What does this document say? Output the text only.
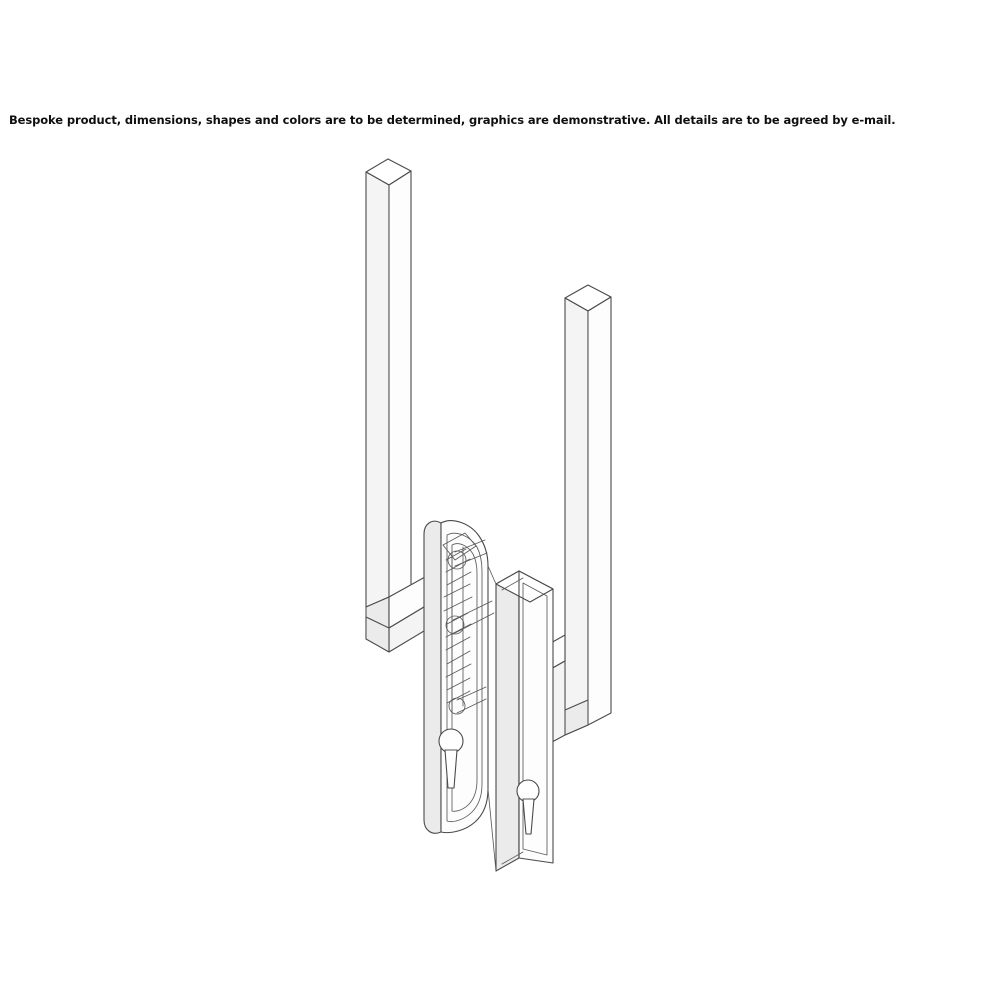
Bespoke product, dimensions, shapes and colors are to be determined, graphics are demonstrative. All details are to be agreed by e-mail.
